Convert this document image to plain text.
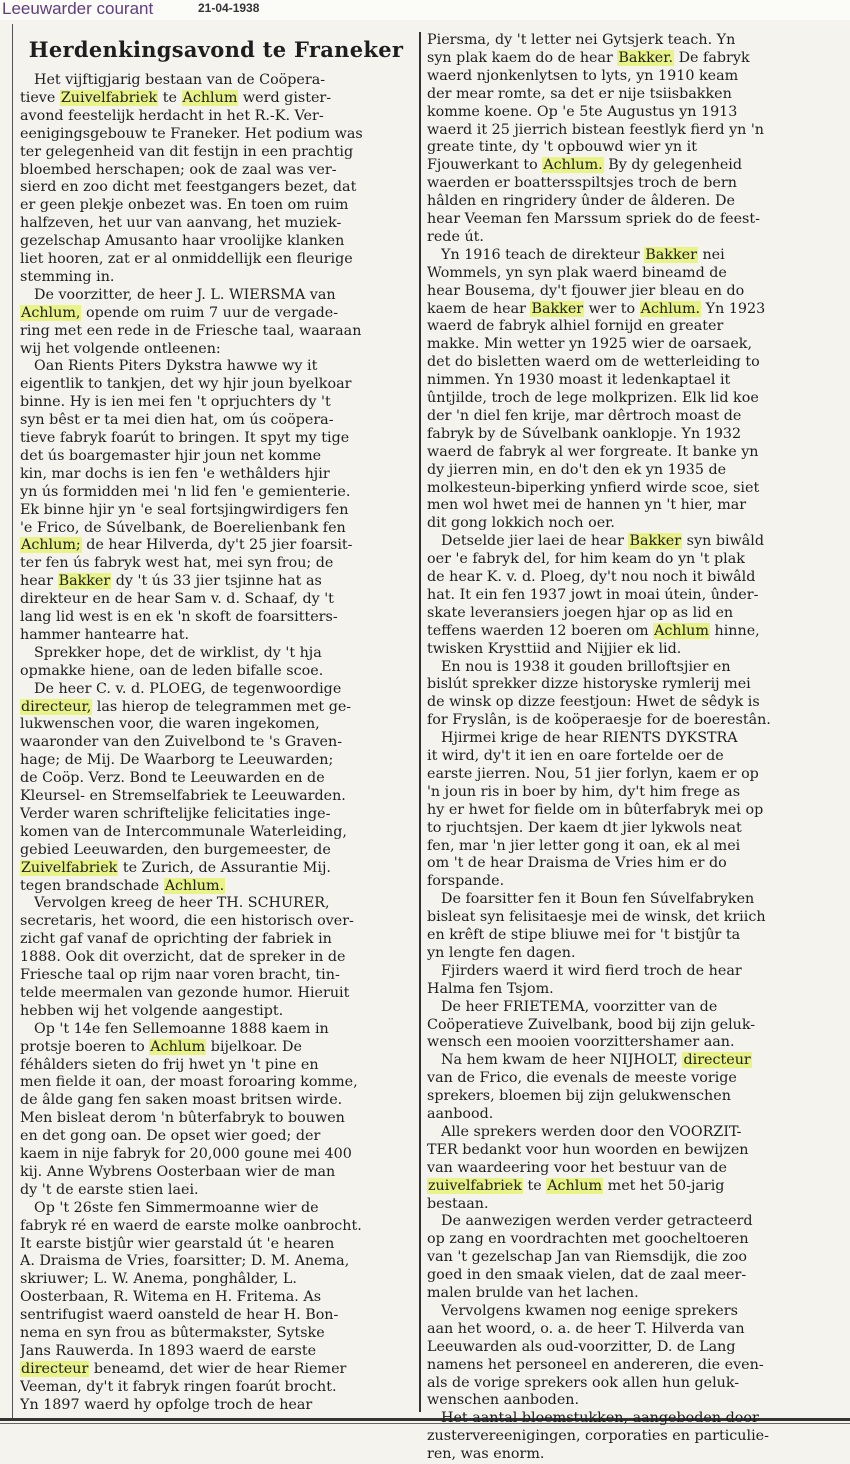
Leeuwarder courant	21-04-1938
Herdenkingsavond te Franeker
Het vijftigjarig bestaan van de Coöpera-
tieve Zuivelfabriek te Achlum werd gister-
avond feestelijk herdacht in het R.-K. Ver-
eenigingsgebouw te Franeker. Het podium was
ter gelegenheid van dit festijn in een prachtig
bloembed herschapen; ook de zaal was ver-
sierd en zoo dicht met feestgangers bezet, dat
er geen plekje onbezet was. En toen om ruim
halfzeven, het uur van aanvang, het muziek-
gezelschap Amusanto haar vroolijke klanken
liet hooren, zat er al onmiddellijk een fleurige
stemming in.
De voorzitter, de heer J. L. WIERSMA van
Achlum, opende om ruim 7 uur de vergade-
ring met een rede in de Friesche taal, waaraan
wij het volgende ontleenen:
Oan Rients Piters Dykstra hawwe wy it
eigentlik to tankjen, det wy hjir joun byelkoar
binne. Hy is ien mei fen 't oprjuchters dy 't
syn bêst er ta mei dien hat, om ús coöpera-
tieve fabryk foarút to bringen. It spyt my tige
det ús boargemaster hjir joun net komme
kin, mar dochs is ien fen 'e wethâlders hjir
yn ús formidden mei 'n lid fen 'e gemienterie.
Ek binne hjir yn 'e seal fortsjingwirdigers fen
'e Frico, de Súvelbank, de Boerelienbank fen
Achlum; de hear Hilverda, dy't 25 jier foarsit-
ter fen ús fabryk west hat, mei syn frou; de
hear Bakker dy 't ús 33 jier tsjinne hat as
direkteur en de hear Sam v. d. Schaaf, dy 't
lang lid west is en ek 'n skoft de foarsitters-
hammer hantearre hat.
Sprekker hope, det de wirklist, dy 't hja
opmakke hiene, oan de leden bifalle scoe.
De heer C. v. d. PLOEG, de tegenwoordige
directeur, las hierop de telegrammen met ge-
lukwenschen voor, die waren ingekomen,
waaronder van den Zuivelbond te 's Graven-
hage; de Mij. De Waarborg te Leeuwarden;
de Coöp. Verz. Bond te Leeuwarden en de
Kleursel- en Stremselfabriek te Leeuwarden.
Verder waren schriftelijke felicitaties inge-
komen van de Intercommunale Waterleiding,
gebied Leeuwarden, den burgemeester, de
Zuivelfabriek te Zurich, de Assurantie Mij.
tegen brandschade Achlum.
Vervolgen kreeg de heer TH. SCHURER,
secretaris, het woord, die een historisch over-
zicht gaf vanaf de oprichting der fabriek in
1888. Ook dit overzicht, dat de spreker in de
Friesche taal op rijm naar voren bracht, tin-
telde meermalen van gezonde humor. Hieruit
hebben wij het volgende aangestipt.
Op 't 14e fen Sellemoanne 1888 kaem in
protsje boeren to Achlum bijelkoar. De
féhâlders sieten do frij hwet yn 't pine en
men fielde it oan, der moast foroaring komme,
de âlde gang fen saken moast britsen wirde.
Men bisleat derom 'n bûterfabryk to bouwen
en det gong oan. De opset wier goed; der
kaem in nije fabryk for 20,000 goune mei 400
kij. Anne Wybrens Oosterbaan wier de man
dy 't de earste stien laei.
Op 't 26ste fen Simmermoanne wier de
fabryk ré en waerd de earste molke oanbrocht.
It earste bistjûr wier gearstald út 'e hearen
A. Draisma de Vries, foarsitter; D. M. Anema,
skriuwer; L. W. Anema, ponghâlder, L.
Oosterbaan, R. Witema en H. Fritema. As
sentrifugist waerd oansteld de hear H. Bon-
nema en syn frou as bûtermakster, Sytske
Jans Rauwerda. In 1893 waerd de earste
directeur beneamd, det wier de hear Riemer
Veeman, dy't it fabryk ringen foarút brocht.
Yn 1897 waerd hy opfolge troch de hear
Piersma, dy 't letter nei Gytsjerk teach. Yn
syn plak kaem do de hear Bakker. De fabryk
waerd njonkenlytsen to lyts, yn 1910 keam
der mear romte, sa det er nije tsiisbakken
komme koene. Op 'e 5te Augustus yn 1913
waerd it 25 jierrich bistean feestlyk fierd yn 'n
greate tinte, dy 't opbouwd wier yn it
Fjouwerkant to Achlum. By dy gelegenheid
waerden er boattersspiltsjes troch de bern
hâlden en ringridery ûnder de âlderen. De
hear Veeman fen Marssum spriek do de feest-
rede út.
Yn 1916 teach de direkteur Bakker nei
Wommels, yn syn plak waerd bineamd de
hear Bousema, dy't fjouwer jier bleau en do
kaem de hear Bakker wer to Achlum. Yn 1923
waerd de fabryk alhiel fornijd en greater
makke. Min wetter yn 1925 wier de oarsaek,
det do bisletten waerd om de wetterleiding to
nimmen. Yn 1930 moast it ledenkaptael it
ûntjilde, troch de lege molkprizen. Elk lid koe
der 'n diel fen krije, mar dêrtroch moast de
fabryk by de Súvelbank oanklopje. Yn 1932
waerd de fabryk al wer forgreate. It banke yn
dy jierren min, en do't den ek yn 1935 de
molkesteun-biperking ynfierd wirde scoe, siet
men wol hwet mei de hannen yn 't hier, mar
dit gong lokkich noch oer.
Detselde jier laei de hear Bakker syn biwâld
oer 'e fabryk del, for him keam do yn 't plak
de hear K. v. d. Ploeg, dy't nou noch it biwâld
hat. It ein fen 1937 jowt in moai útein, ûnder-
skate leveransiers joegen hjar op as lid en
teffens waerden 12 boeren om Achlum hinne,
twisken Krysttiid and Nijjier ek lid.
En nou is 1938 it gouden brilloftsjier en
bislút sprekker dizze historyske rymlerij mei
de winsk op dizze feestjoun: Hwet de sêdyk is
for Fryslân, is de koöperaesje for de boerestân.
Hjirmei krige de hear RIENTS DYKSTRA
it wird, dy't it ien en oare fortelde oer de
earste jierren. Nou, 51 jier forlyn, kaem er op
'n joun ris in boer by him, dy't him frege as
hy er hwet for fielde om in bûterfabryk mei op
to rjuchtsjen. Der kaem dt jier lykwols neat
fen, mar 'n jier letter gong it oan, ek al mei
om 't de hear Draisma de Vries him er do
forspande.
De foarsitter fen it Boun fen Súvelfabryken
bisleat syn felisitaesje mei de winsk, det kriich
en krêft de stipe bliuwe mei for 't bistjûr ta
yn lengte fen dagen.
Fjirders waerd it wird fierd troch de hear
Halma fen Tsjom.
De heer FRIETEMA, voorzitter van de
Coöperatieve Zuivelbank, bood bij zijn geluk-
wensch een mooien voorzittershamer aan.
Na hem kwam de heer NIJHOLT, directeur
van de Frico, die evenals de meeste vorige
sprekers, bloemen bij zijn gelukwenschen
aanbood.
Alle sprekers werden door den VOORZIT-
TER bedankt voor hun woorden en bewijzen
van waardeering voor het bestuur van de
zuivelfabriek te Achlum met het 50-jarig
bestaan.
De aanwezigen werden verder getracteerd
op zang en voordrachten met goocheltoeren
van 't gezelschap Jan van Riemsdijk, die zoo
goed in den smaak vielen, dat de zaal meer-
malen brulde van het lachen.
Vervolgens kwamen nog eenige sprekers
aan het woord, o. a. de heer T. Hilverda van
Leeuwarden als oud-voorzitter, D. de Lang
namens het personeel en andereren, die even-
als de vorige sprekers ook allen hun geluk-
wenschen aanboden.
Het aantal bloemstukken, aangeboden door
zustervereenigingen, corporaties en particulie-
ren, was enorm.
